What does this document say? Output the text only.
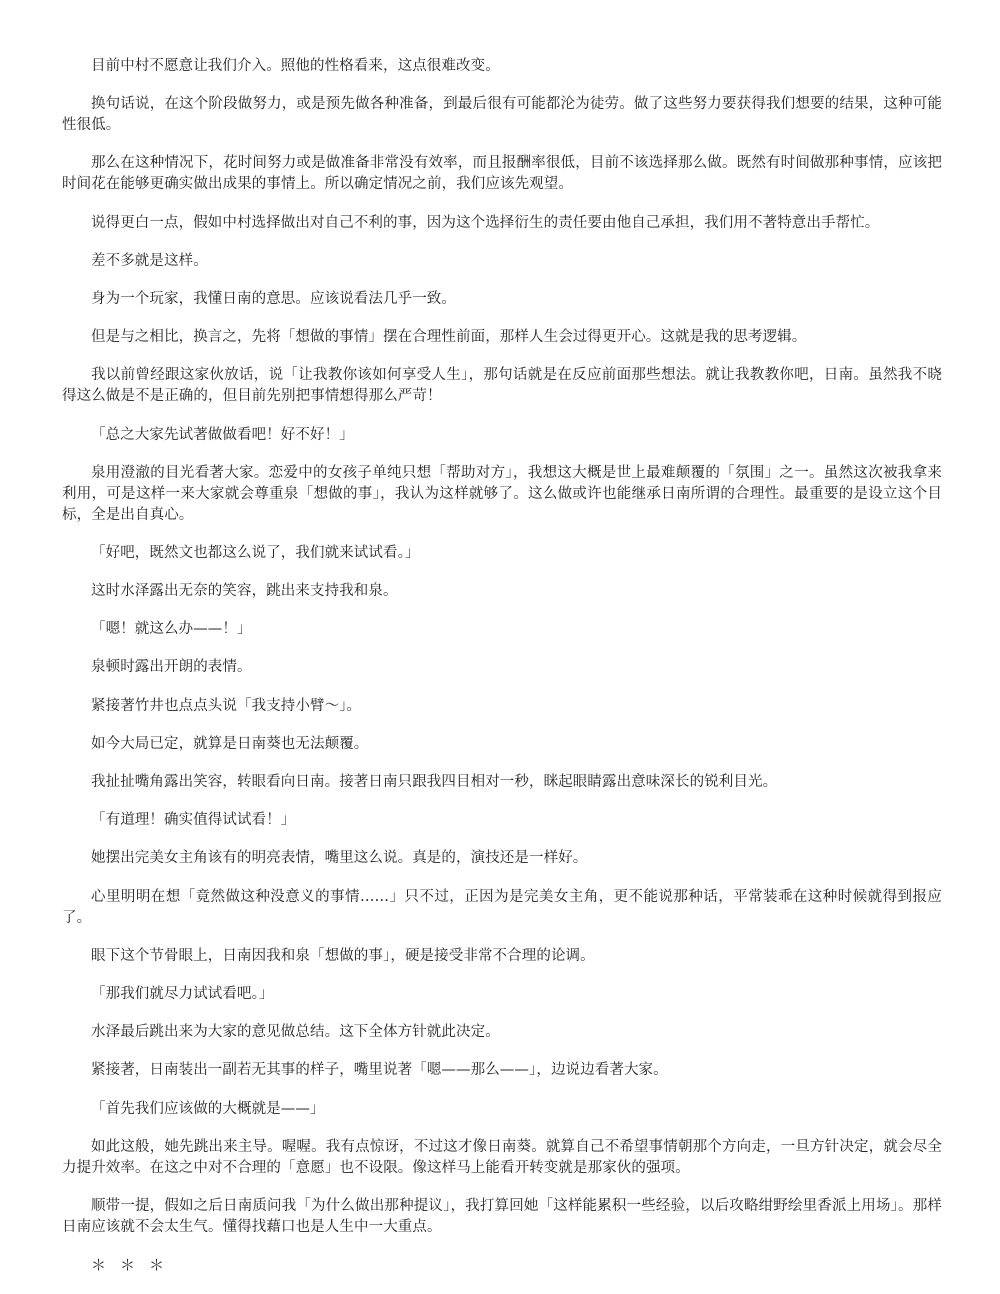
目前中村不愿意让我们介入。照他的性格看来，这点很难改变。

换句话说，在这个阶段做努力，或是预先做各种准备，到最后很有可能都沦为徒劳。做了这些努力要获得我们想要的结果，这种可能性很低。

那么在这种情况下，花时间努力或是做准备非常没有效率，而且报酬率很低，目前不该选择那么做。既然有时间做那种事情，应该把时间花在能够更确实做出成果的事情上。所以确定情况之前，我们应该先观望。

说得更白一点，假如中村选择做出对自己不利的事，因为这个选择衍生的责任要由他自己承担，我们用不著特意出手帮忙。

差不多就是这样。

身为一个玩家，我懂日南的意思。应该说看法几乎一致。

但是与之相比，换言之，先将「想做的事情」摆在合理性前面，那样人生会过得更开心。这就是我的思考逻辑。

我以前曾经跟这家伙放话，说「让我教你该如何享受人生」，那句话就是在反应前面那些想法。就让我教教你吧，日南。虽然我不晓得这么做是不是正确的，但目前先别把事情想得那么严苛！

「总之大家先试著做做看吧！好不好！」

泉用澄澈的目光看著大家。恋爱中的女孩子单纯只想「帮助对方」，我想这大概是世上最难颠覆的「氛围」之一。虽然这次被我拿来利用，可是这样一来大家就会尊重泉「想做的事」，我认为这样就够了。这么做或许也能继承日南所谓的合理性。最重要的是设立这个目标，全是出自真心。

「好吧，既然文也都这么说了，我们就来试试看。」

这时水泽露出无奈的笑容，跳出来支持我和泉。

「嗯！就这么办——！」

泉顿时露出开朗的表情。

紧接著竹井也点点头说「我支持小臂～」。

如今大局已定，就算是日南葵也无法颠覆。

我扯扯嘴角露出笑容，转眼看向日南。接著日南只跟我四目相对一秒，眯起眼睛露出意味深长的锐利目光。

「有道理！确实值得试试看！」

她摆出完美女主角该有的明亮表情，嘴里这么说。真是的，演技还是一样好。

心里明明在想「竟然做这种没意义的事情……」只不过，正因为是完美女主角，更不能说那种话，平常装乖在这种时候就得到报应了。

眼下这个节骨眼上，日南因我和泉「想做的事」，硬是接受非常不合理的论调。

「那我们就尽力试试看吧。」

水泽最后跳出来为大家的意见做总结。这下全体方针就此决定。

紧接著，日南装出一副若无其事的样子，嘴里说著「嗯——那么——」，边说边看著大家。

「首先我们应该做的大概就是——」

如此这般，她先跳出来主导。喔喔。我有点惊讶，不过这才像日南葵。就算自己不希望事情朝那个方向走，一旦方针决定，就会尽全力提升效率。在这之中对不合理的「意愿」也不设限。像这样马上能看开转变就是那家伙的强项。

顺带一提，假如之后日南质问我「为什么做出那种提议」，我打算回她「这样能累积一些经验，以后攻略绀野绘里香派上用场」。那样日南应该就不会太生气。懂得找藉口也是人生中一大重点。

＊＊＊
